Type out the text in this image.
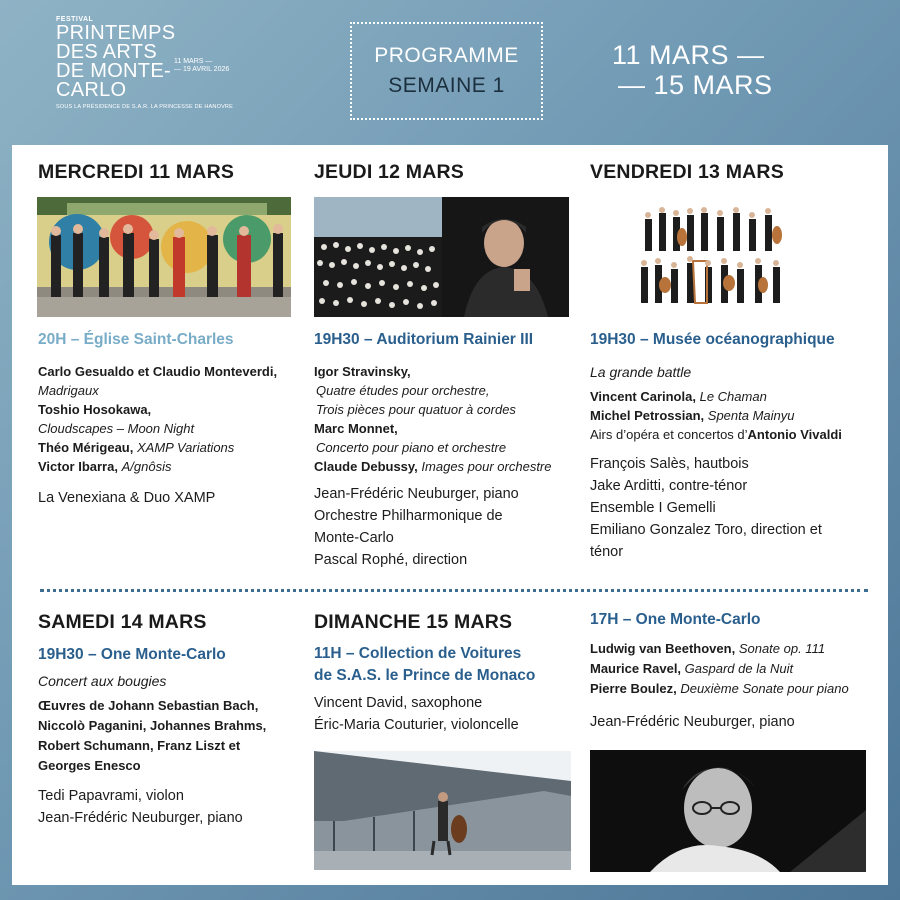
FESTIVAL
PRINTEMPS DES ARTS DE MONTE-CARLO
11 MARS —
— 19 AVRIL 2026
SOUS LA PRÉSIDENCE DE S.A.R. LA PRINCESSE DE HANOVRE
PROGRAMME
SEMAINE 1
11 MARS —
— 15 MARS
MERCREDI 11 MARS
20H – Église Saint-Charles
Carlo Gesualdo et Claudio Monteverdi,
Madrigaux
Toshio Hosokawa,
Cloudscapes – Moon Night
Théo Mérigeau, XAMP Variations
Victor Ibarra, A/gnôsis
La Venexiana & Duo XAMP
JEUDI 12 MARS
19H30 – Auditorium Rainier III
Igor Stravinsky,
Quatre études pour orchestre,
Trois pièces pour quatuor à cordes
Marc Monnet,
Concerto pour piano et orchestre
Claude Debussy, Images pour orchestre
Jean-Frédéric Neuburger, piano
Orchestre Philharmonique de
Monte-Carlo
Pascal Rophé, direction
VENDREDI 13 MARS
19H30 – Musée océanographique
La grande battle
Vincent Carinola, Le Chaman
Michel Petrossian, Spenta Mainyu
Airs d’opéra et concertos d’Antonio Vivaldi
François Salès, hautbois
Jake Arditti, contre-ténor
Ensemble I Gemelli
Emiliano Gonzalez Toro, direction et
ténor
SAMEDI 14 MARS
19H30 – One Monte-Carlo
Concert aux bougies
Œuvres de Johann Sebastian Bach,
Niccolò Paganini, Johannes Brahms,
Robert Schumann, Franz Liszt et
Georges Enesco
Tedi Papavrami, violon
Jean-Frédéric Neuburger, piano
DIMANCHE 15 MARS
11H – Collection de Voitures
de S.A.S. le Prince de Monaco
Vincent David, saxophone
Éric-Maria Couturier, violoncelle
17H – One Monte-Carlo
Ludwig van Beethoven, Sonate op. 111
Maurice Ravel, Gaspard de la Nuit
Pierre Boulez, Deuxième Sonate pour piano
Jean-Frédéric Neuburger, piano
